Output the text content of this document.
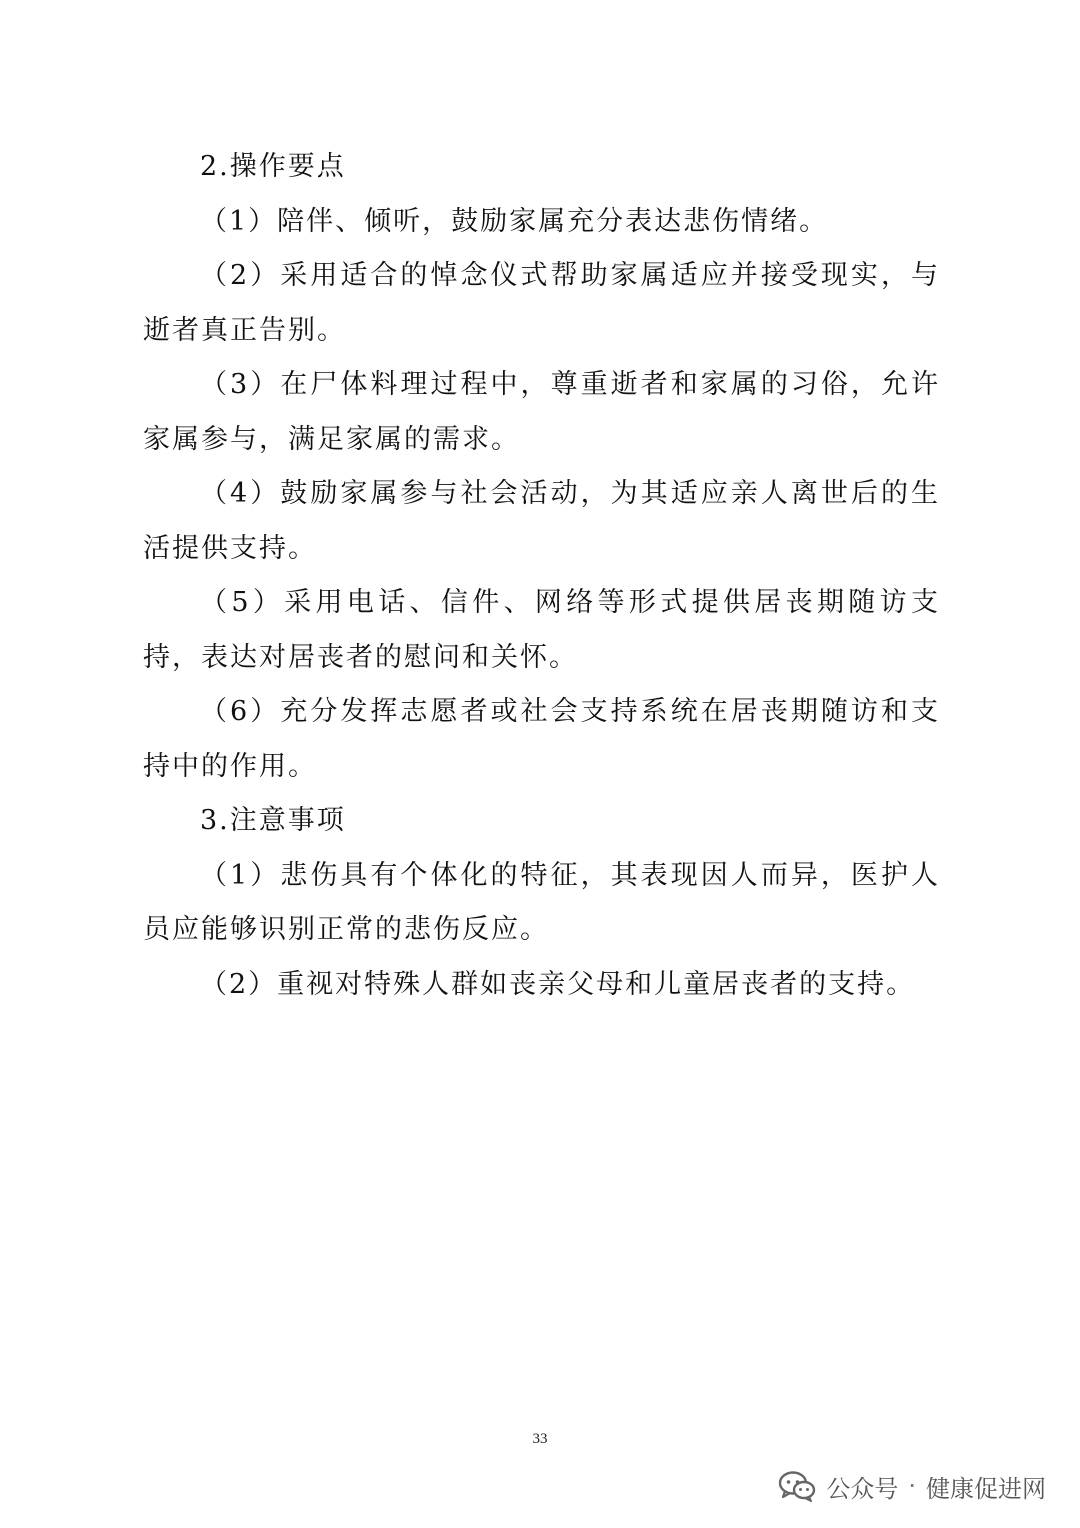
2.操作要点

（1）陪伴、倾听，鼓励家属充分表达悲伤情绪。

（2）采用适合的悼念仪式帮助家属适应并接受现实，与逝者真正告别。

（3）在尸体料理过程中，尊重逝者和家属的习俗，允许家属参与，满足家属的需求。

（4）鼓励家属参与社会活动，为其适应亲人离世后的生活提供支持。

（5）采用电话、信件、网络等形式提供居丧期随访支持，表达对居丧者的慰问和关怀。

（6）充分发挥志愿者或社会支持系统在居丧期随访和支持中的作用。

3.注意事项

（1）悲伤具有个体化的特征，其表现因人而异，医护人员应能够识别正常的悲伤反应。

（2）重视对特殊人群如丧亲父母和儿童居丧者的支持。

33
公众号 · 健康促进网
